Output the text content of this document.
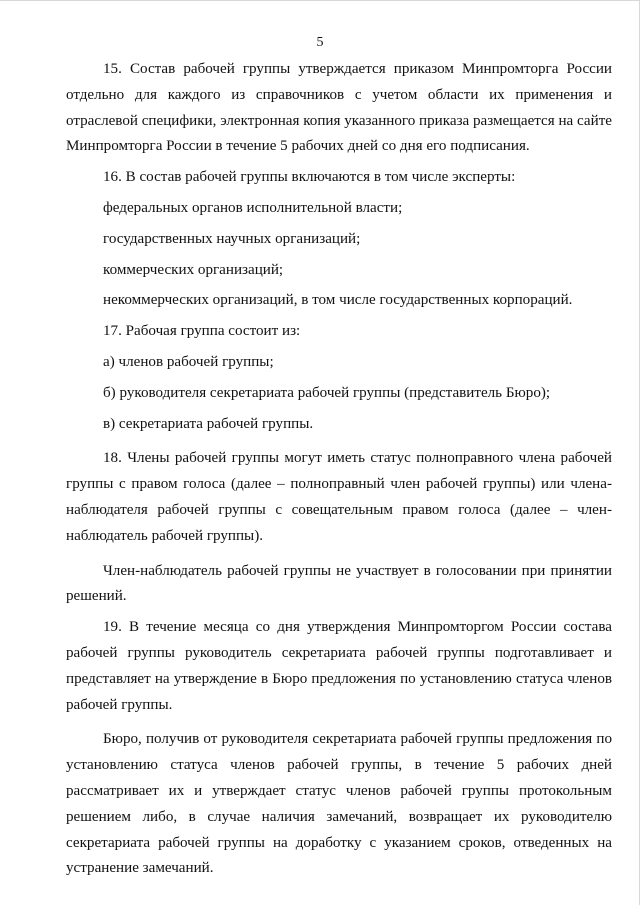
5

15. Состав рабочей группы утверждается приказом Минпромторга России отдельно для каждого из справочников с учетом области их применения и отраслевой специфики, электронная копия указанного приказа размещается на сайте Минпромторга России в течение 5 рабочих дней со дня его подписания.

16. В состав рабочей группы включаются в том числе эксперты:

федеральных органов исполнительной власти;

государственных научных организаций;

коммерческих организаций;

некоммерческих организаций, в том числе государственных корпораций.

17. Рабочая группа состоит из:

а) членов рабочей группы;

б) руководителя секретариата рабочей группы (представитель Бюро);

в) секретариата рабочей группы.

18. Члены рабочей группы могут иметь статус полноправного члена рабочей группы с правом голоса (далее – полноправный член рабочей группы) или члена-наблюдателя рабочей группы с совещательным правом голоса (далее – член-наблюдатель рабочей группы).

Член-наблюдатель рабочей группы не участвует в голосовании при принятии решений.

19. В течение месяца со дня утверждения Минпромторгом России состава рабочей группы руководитель секретариата рабочей группы подготавливает и представляет на утверждение в Бюро предложения по установлению статуса членов рабочей группы.

Бюро, получив от руководителя секретариата рабочей группы предложения по установлению статуса членов рабочей группы, в течение 5 рабочих дней рассматривает их и утверждает статус членов рабочей группы протокольным решением либо, в случае наличия замечаний, возвращает их руководителю секретариата рабочей группы на доработку с указанием сроков, отведенных на устранение замечаний.
